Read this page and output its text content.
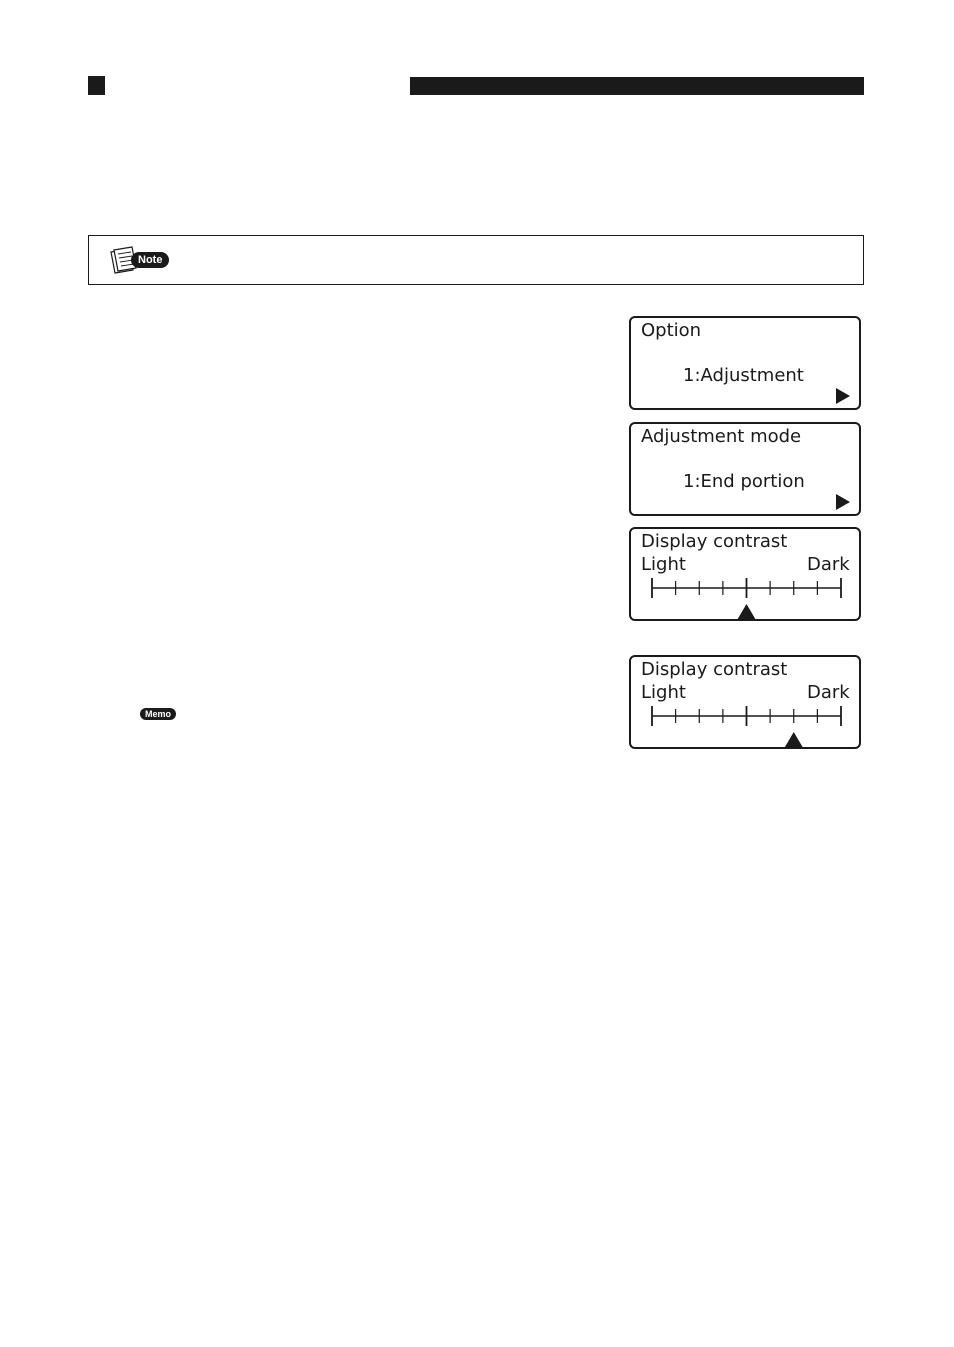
Note
Option
1:Adjustment
Adjustment mode
1:End portion
Display contrast
Light	Dark
Display contrast
Light	Dark
Memo
